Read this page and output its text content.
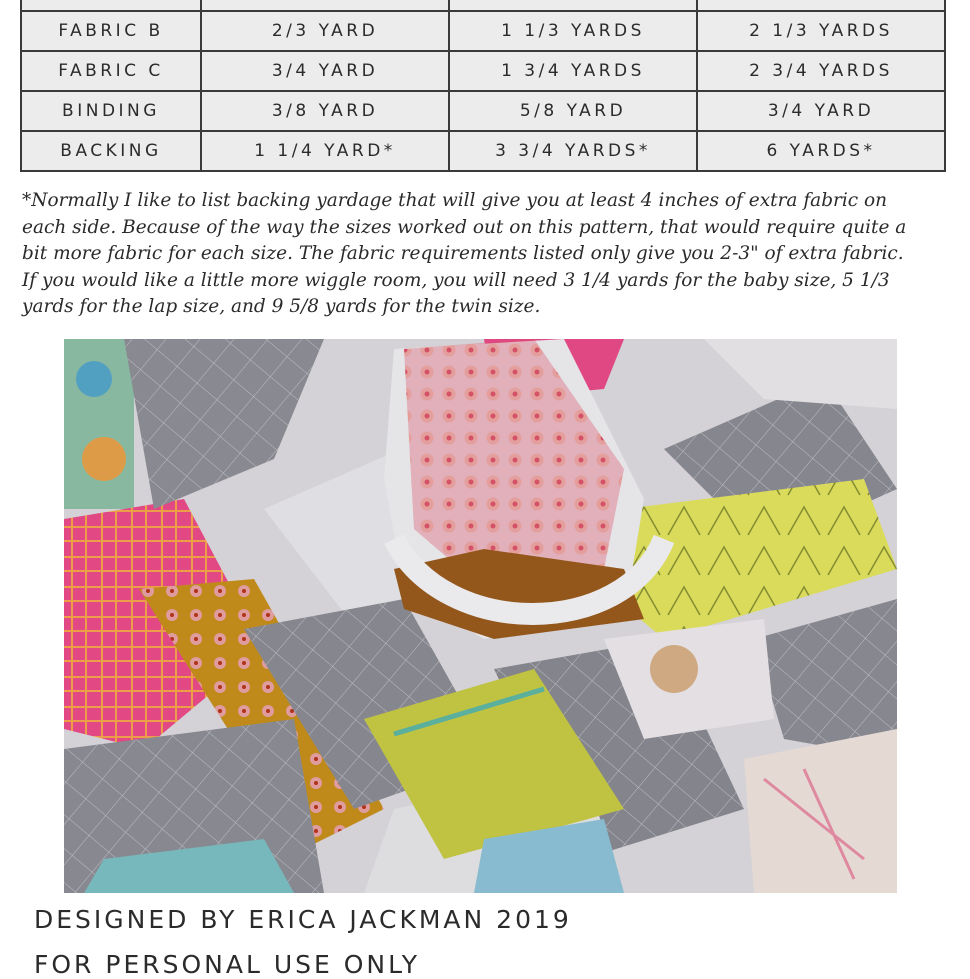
FABRIC B	2/3 YARD	1 1/3 YARDS	2 1/3 YARDS
FABRIC C	3/4 YARD	1 3/4 YARDS	2 3/4 YARDS
BINDING	3/8 YARD	5/8 YARD	3/4 YARD
BACKING	1 1/4 YARD*	3 3/4 YARDS*	6 YARDS*
*Normally I like to list backing yardage that will give you at least 4 inches of extra fabric on
each side. Because of the way the sizes worked out on this pattern, that would require quite a
bit more fabric for each size. The fabric requirements listed only give you 2-3" of extra fabric.
If you would like a little more wiggle room, you will need 3 1/4 yards for the baby size, 5 1/3
yards for the lap size, and 9 5/8 yards for the twin size.

DESIGNED BY ERICA JACKMAN 2019

FOR PERSONAL USE ONLY
